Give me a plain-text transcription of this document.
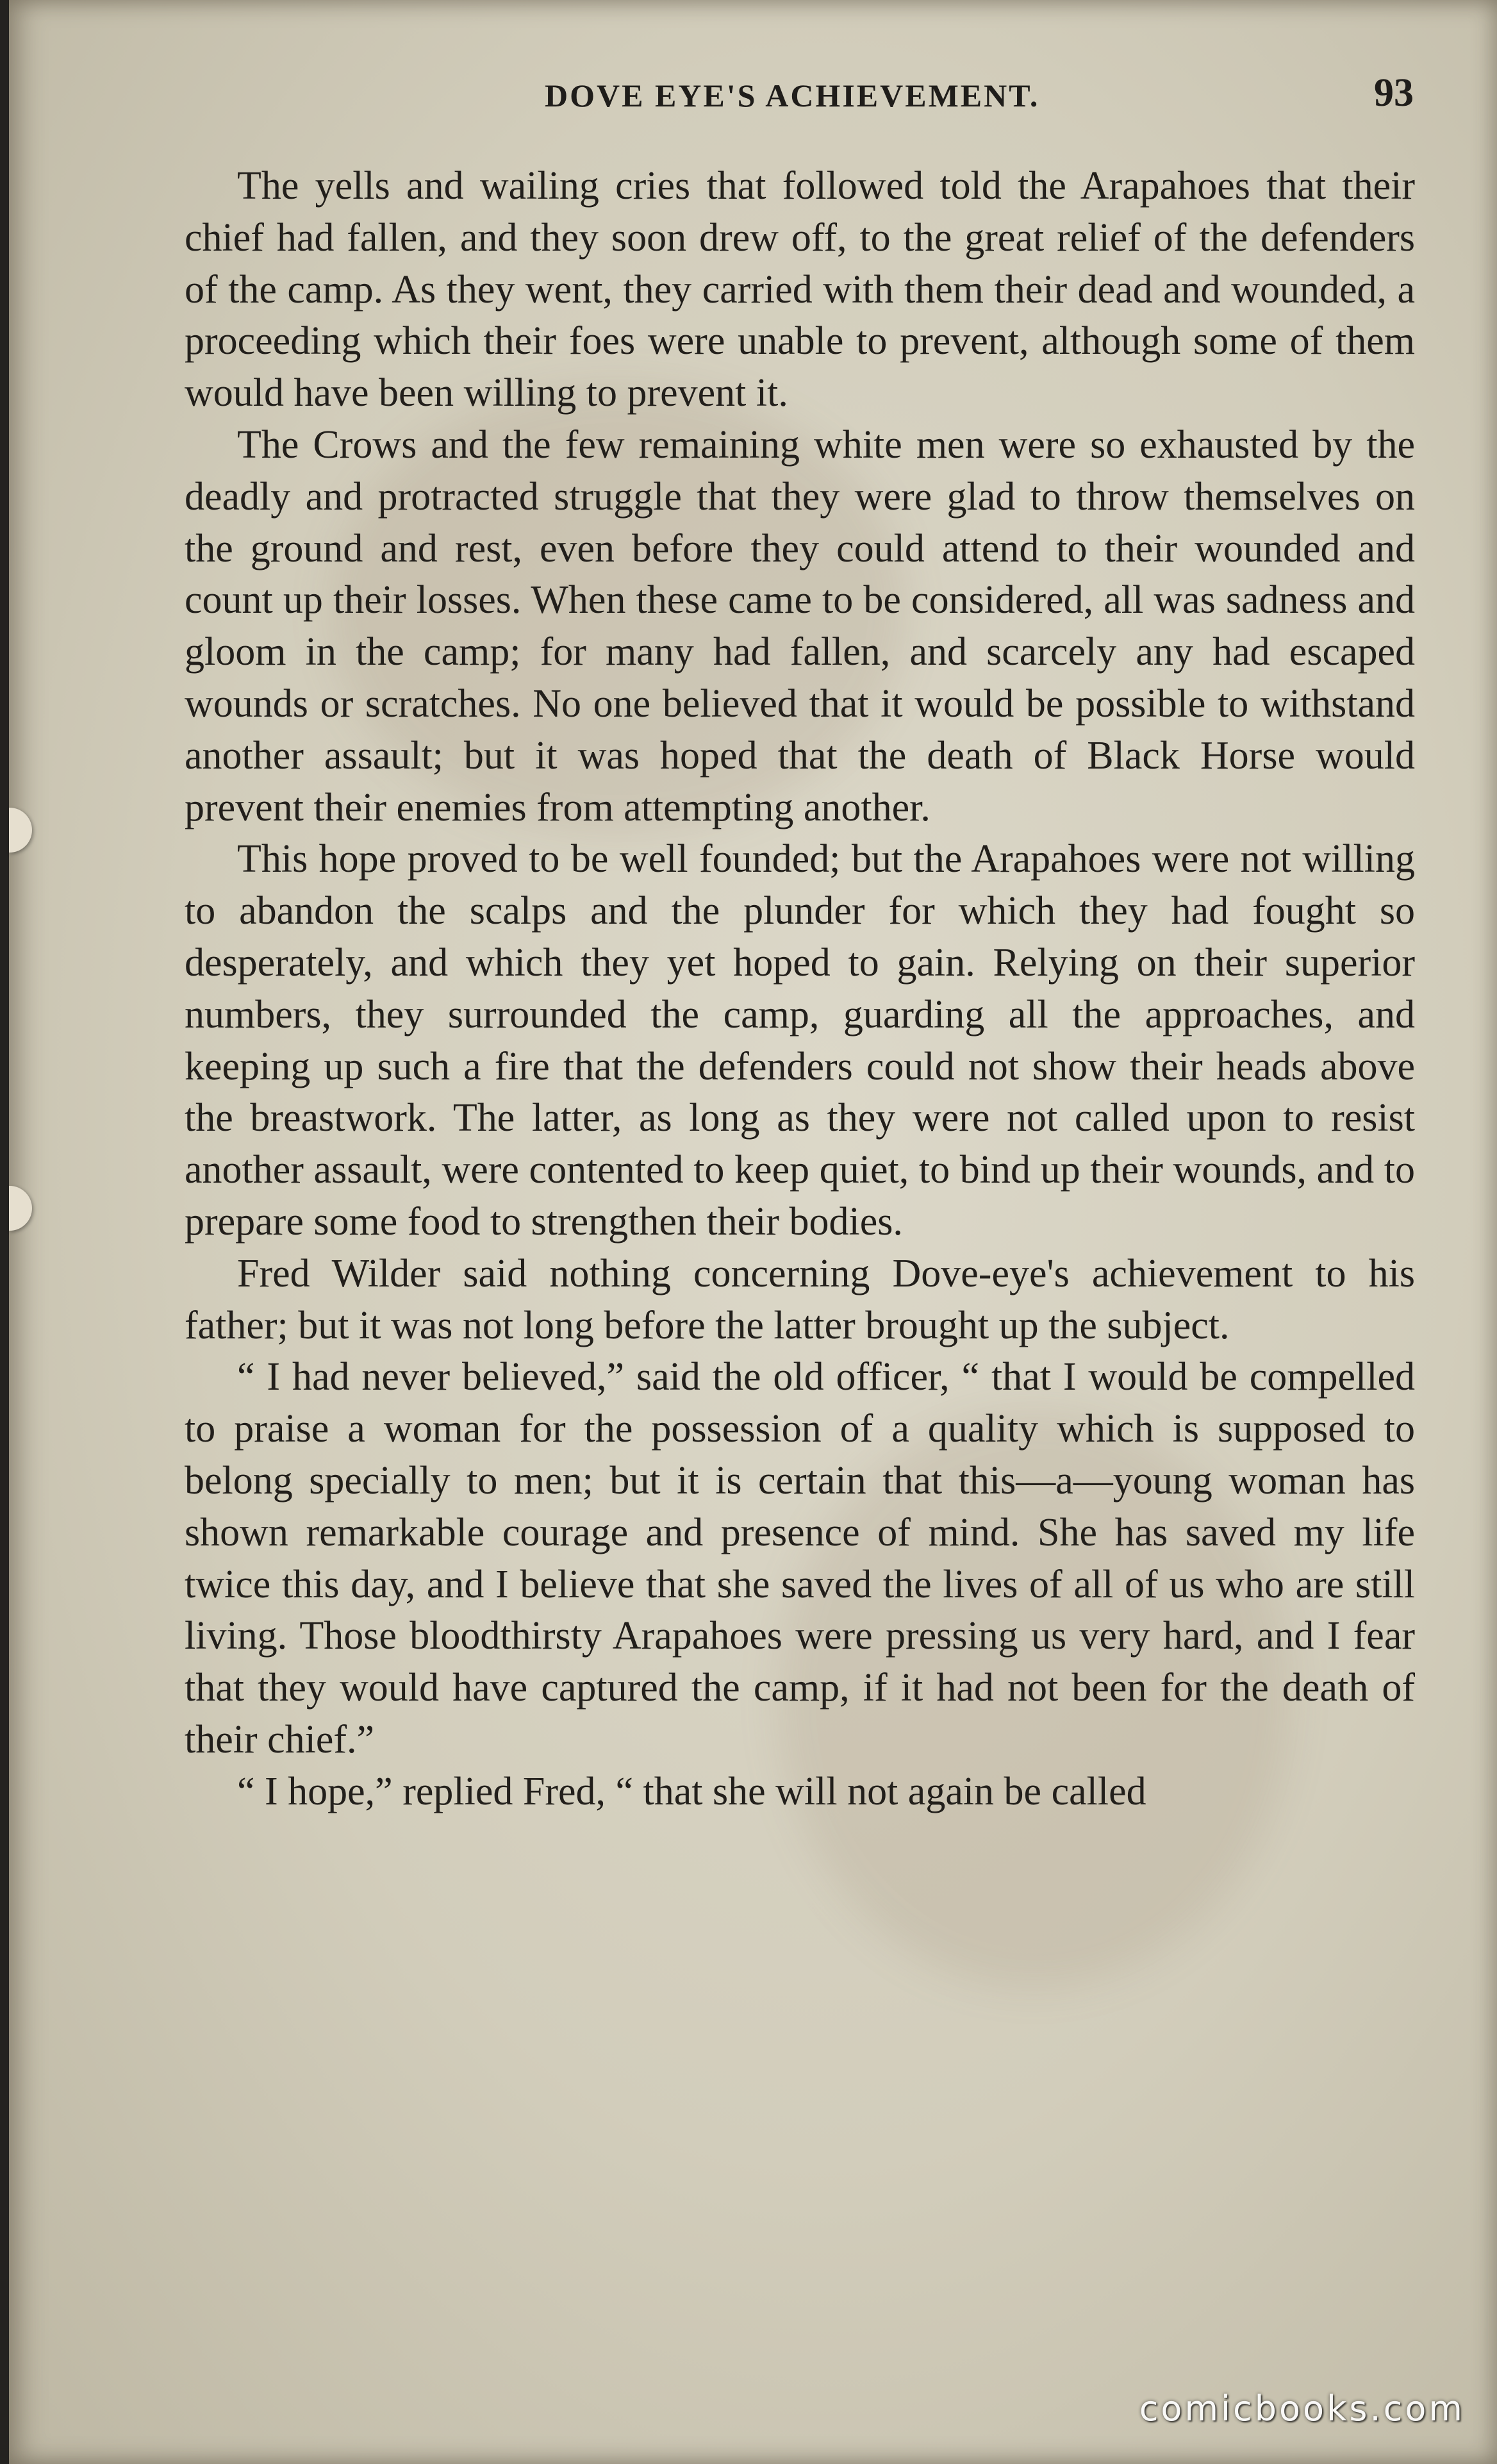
DOVE EYE'S ACHIEVEMENT.	93

The yells and wailing cries that followed told the Arapahoes that their chief had fallen, and they soon drew off, to the great relief of the defenders of the camp. As they went, they carried with them their dead and wounded, a proceeding which their foes were unable to prevent, although some of them would have been willing to prevent it.

The Crows and the few remaining white men were so exhausted by the deadly and protracted struggle that they were glad to throw themselves on the ground and rest, even before they could attend to their wounded and count up their losses. When these came to be considered, all was sadness and gloom in the camp; for many had fallen, and scarcely any had escaped wounds or scratches. No one believed that it would be possible to withstand another assault; but it was hoped that the death of Black Horse would prevent their enemies from attempting another.

This hope proved to be well founded; but the Arapahoes were not willing to abandon the scalps and the plunder for which they had fought so desperately, and which they yet hoped to gain. Relying on their superior numbers, they surrounded the camp, guarding all the approaches, and keeping up such a fire that the defenders could not show their heads above the breastwork. The latter, as long as they were not called upon to resist another assault, were contented to keep quiet, to bind up their wounds, and to prepare some food to strengthen their bodies.

Fred Wilder said nothing concerning Dove-eye's achievement to his father; but it was not long before the latter brought up the subject.

“ I had never believed,” said the old officer, “ that I would be compelled to praise a woman for the possession of a quality which is supposed to belong specially to men; but it is certain that this—a—young woman has shown remarkable courage and presence of mind. She has saved my life twice this day, and I believe that she saved the lives of all of us who are still living. Those bloodthirsty Arapahoes were pressing us very hard, and I fear that they would have captured the camp, if it had not been for the death of their chief.”

“ I hope,” replied Fred, “ that she will not again be called

comicbooks.com
